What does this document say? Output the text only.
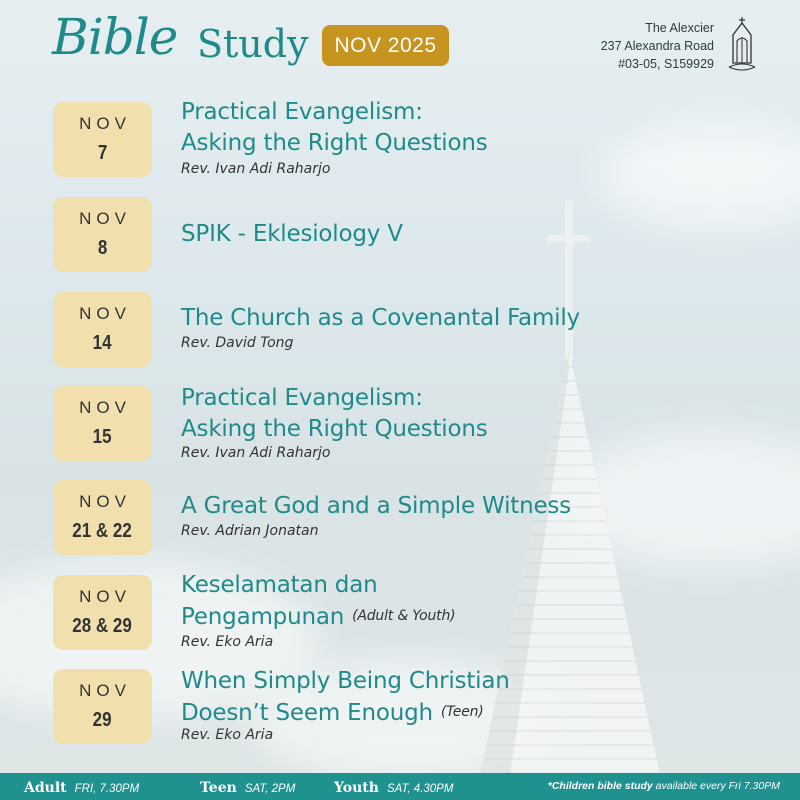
Bible Study	NOV 2025
The Alexcier
237 Alexandra Road
#03-05, S159929
NOV
7
Practical Evangelism:
Asking the Right Questions
Rev. Ivan Adi Raharjo
NOV
8
SPIK - Eklesiology V
NOV
14
The Church as a Covenantal Family
Rev. David Tong
NOV
15
Practical Evangelism:
Asking the Right Questions
Rev. Ivan Adi Raharjo
NOV
21 & 22
A Great God and a Simple Witness
Rev. Adrian Jonatan
NOV
28 & 29
Keselamatan dan
Pengampunan (Adult & Youth)
Rev. Eko Aria
NOV
29
When Simply Being Christian
Doesn’t Seem Enough (Teen)
Rev. Eko Aria
Adult FRI, 7.30PM	Teen SAT, 2PM	Youth SAT, 4.30PM	*Children bible study available every Fri 7.30PM
